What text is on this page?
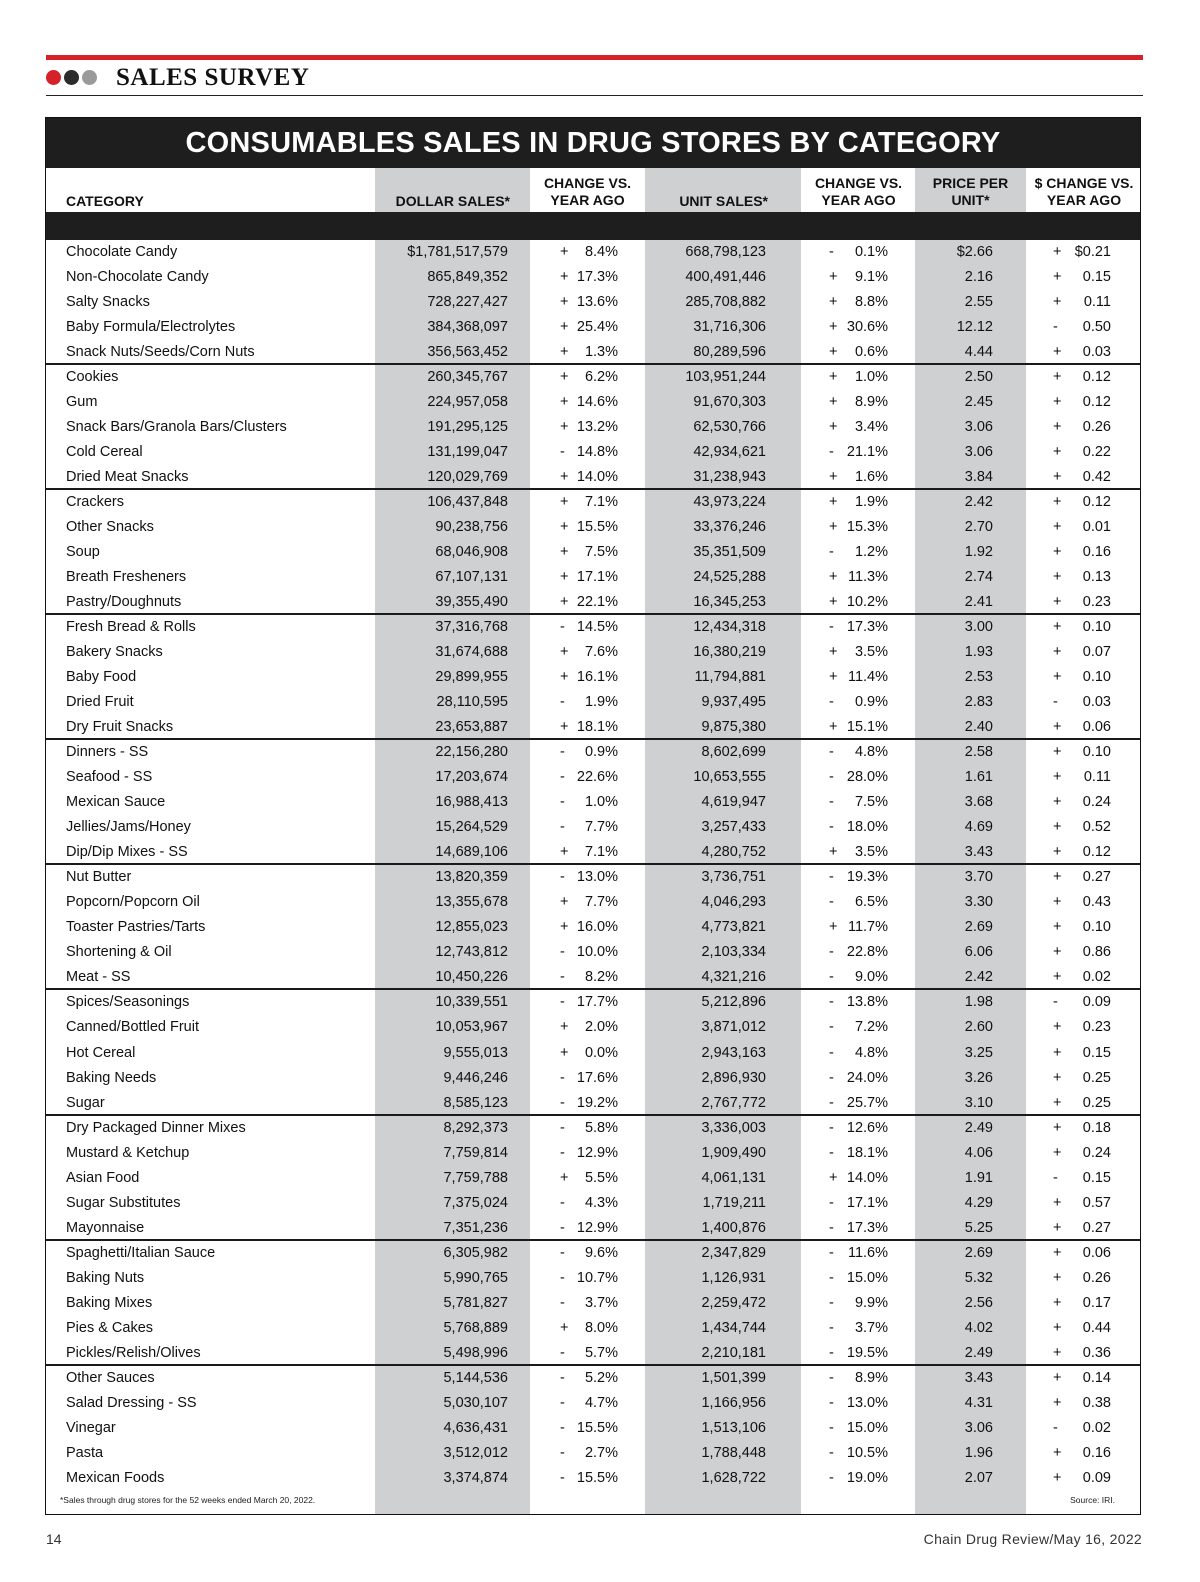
SALES SURVEY
CONSUMABLES SALES IN DRUG STORES BY CATEGORY
CATEGORY	DOLLAR SALES*
CHANGE VS.
YEAR AGO	UNIT SALES*
CHANGE VS.
YEAR AGO
PRICE PER
UNIT*
$ CHANGE VS.
YEAR AGO
Chocolate Candy	$1,781,517,579	+	8.4%	668,798,123	-	0.1%	$2.66	+ $0.21
Non-Chocolate Candy	865,849,352	+ 17.3%	400,491,446	+	9.1%	2.16	+	0.15
Salty Snacks	728,227,427	+ 13.6%	285,708,882	+	8.8%	2.55	+	0.11
Baby Formula/Electrolytes	384,368,097	+ 25.4%	31,716,306	+ 30.6%	12.12	-	0.50
Snack Nuts/Seeds/Corn Nuts	356,563,452	+	1.3%	80,289,596	+	0.6%	4.44	+	0.03
Cookies	260,345,767	+	6.2%	103,951,244	+	1.0%	2.50	+	0.12
Gum	224,957,058	+ 14.6%	91,670,303	+	8.9%	2.45	+	0.12
Snack Bars/Granola Bars/Clusters	191,295,125	+ 13.2%	62,530,766	+	3.4%	3.06	+	0.26
Cold Cereal	131,199,047	- 14.8%	42,934,621	- 21.1%	3.06	+	0.22
Dried Meat Snacks	120,029,769	+ 14.0%	31,238,943	+	1.6%	3.84	+	0.42
Crackers	106,437,848	+	7.1%	43,973,224	+	1.9%	2.42	+	0.12
Other Snacks	90,238,756	+ 15.5%	33,376,246	+ 15.3%	2.70	+	0.01
Soup	68,046,908	+	7.5%	35,351,509	-	1.2%	1.92	+	0.16
Breath Fresheners	67,107,131	+ 17.1%	24,525,288	+ 11.3%	2.74	+	0.13
Pastry/Doughnuts	39,355,490	+ 22.1%	16,345,253	+ 10.2%	2.41	+	0.23
Fresh Bread & Rolls	37,316,768	- 14.5%	12,434,318	- 17.3%	3.00	+	0.10
Bakery Snacks	31,674,688	+	7.6%	16,380,219	+	3.5%	1.93	+	0.07
Baby Food	29,899,955	+ 16.1%	11,794,881	+ 11.4%	2.53	+	0.10
Dried Fruit	28,110,595	-	1.9%	9,937,495	-	0.9%	2.83	-	0.03
Dry Fruit Snacks	23,653,887	+ 18.1%	9,875,380	+ 15.1%	2.40	+	0.06
Dinners - SS	22,156,280	-	0.9%	8,602,699	-	4.8%	2.58	+	0.10
Seafood - SS	17,203,674	- 22.6%	10,653,555	- 28.0%	1.61	+	0.11
Mexican Sauce	16,988,413	-	1.0%	4,619,947	-	7.5%	3.68	+	0.24
Jellies/Jams/Honey	15,264,529	-	7.7%	3,257,433	- 18.0%	4.69	+	0.52
Dip/Dip Mixes - SS	14,689,106	+	7.1%	4,280,752	+	3.5%	3.43	+	0.12
Nut Butter	13,820,359	- 13.0%	3,736,751	- 19.3%	3.70	+	0.27
Popcorn/Popcorn Oil	13,355,678	+	7.7%	4,046,293	-	6.5%	3.30	+	0.43
Toaster Pastries/Tarts	12,855,023	+ 16.0%	4,773,821	+ 11.7%	2.69	+	0.10
Shortening & Oil	12,743,812	- 10.0%	2,103,334	- 22.8%	6.06	+	0.86
Meat - SS	10,450,226	-	8.2%	4,321,216	-	9.0%	2.42	+	0.02
Spices/Seasonings	10,339,551	- 17.7%	5,212,896	- 13.8%	1.98	-	0.09
Canned/Bottled Fruit	10,053,967	+	2.0%	3,871,012	-	7.2%	2.60	+	0.23
Hot Cereal	9,555,013	+	0.0%	2,943,163	-	4.8%	3.25	+	0.15
Baking Needs	9,446,246	- 17.6%	2,896,930	- 24.0%	3.26	+	0.25
Sugar	8,585,123	- 19.2%	2,767,772	- 25.7%	3.10	+	0.25
Dry Packaged Dinner Mixes	8,292,373	-	5.8%	3,336,003	- 12.6%	2.49	+	0.18
Mustard & Ketchup	7,759,814	- 12.9%	1,909,490	- 18.1%	4.06	+	0.24
Asian Food	7,759,788	+	5.5%	4,061,131	+ 14.0%	1.91	-	0.15
Sugar Substitutes	7,375,024	-	4.3%	1,719,211	- 17.1%	4.29	+	0.57
Mayonnaise	7,351,236	- 12.9%	1,400,876	- 17.3%	5.25	+	0.27
Spaghetti/Italian Sauce	6,305,982	-	9.6%	2,347,829	- 11.6%	2.69	+	0.06
Baking Nuts	5,990,765	- 10.7%	1,126,931	- 15.0%	5.32	+	0.26
Baking Mixes	5,781,827	-	3.7%	2,259,472	-	9.9%	2.56	+	0.17
Pies & Cakes	5,768,889	+	8.0%	1,434,744	-	3.7%	4.02	+	0.44
Pickles/Relish/Olives	5,498,996	-	5.7%	2,210,181	- 19.5%	2.49	+	0.36
Other Sauces	5,144,536	-	5.2%	1,501,399	-	8.9%	3.43	+	0.14
Salad Dressing - SS	5,030,107	-	4.7%	1,166,956	- 13.0%	4.31	+	0.38
Vinegar	4,636,431	- 15.5%	1,513,106	- 15.0%	3.06	-	0.02
Pasta	3,512,012	-	2.7%	1,788,448	- 10.5%	1.96	+	0.16
Mexican Foods	3,374,874	- 15.5%	1,628,722	- 19.0%	2.07	+	0.09
*Sales through drug stores for the 52 weeks ended March 20, 2022.	Source: IRI.
14	Chain Drug Review/May 16, 2022
